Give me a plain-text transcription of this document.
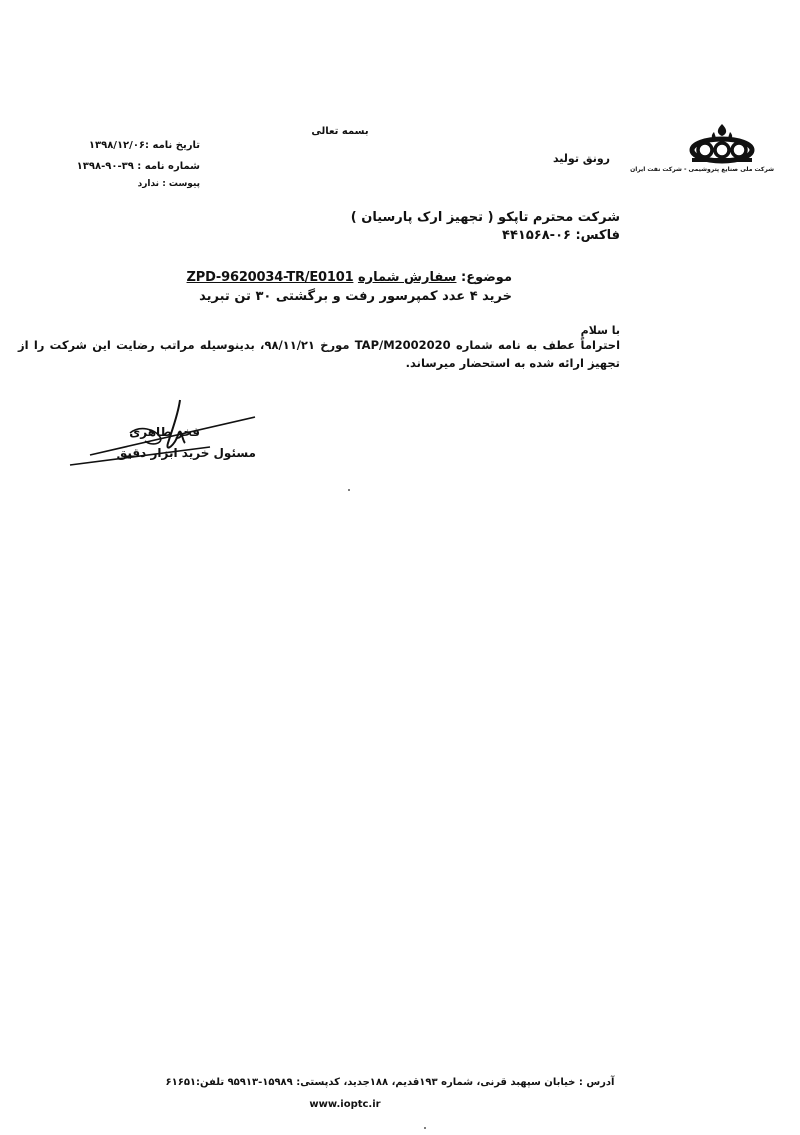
بسمه تعالی
رونق تولید
تاریخ نامه :۱۳۹۸/۱۲/۰۶
شماره نامه : ۳۹-۹۰-۱۳۹۸
پیوست : ندارد
شرکت ملی صنایع پتروشیمی - شرکت نفت ایران
شرکت محترم تاپکو ( تجهیز ارک پارسیان )
فاکس: ۰۶-۴۴۱۵۶۸
موضوع: سفارش شماره ZPD-9620034-TR/E0101
خرید ۴ عدد کمپرسور رفت و برگشتی ۳۰ تن تبرید
با سلام
احتراماً عطف به نامه شماره TAP/M2002020 مورخ ۹۸/۱۱/۲۱، بدینوسیله مراتب رضایت این شرکت را از تجهیز ارائه شده به استحضار میرساند.
فخر طاهری
مسئول خرید ابزار دقیق
آدرس : خیابان سپهبد قرنی، شماره ۱۹۳قدیم، ۱۸۸جدید، کدپستی: ۱۵۹۸۹-۹۵۹۱۳ تلفن:۶۱۶۵۱
www.ioptc.ir
